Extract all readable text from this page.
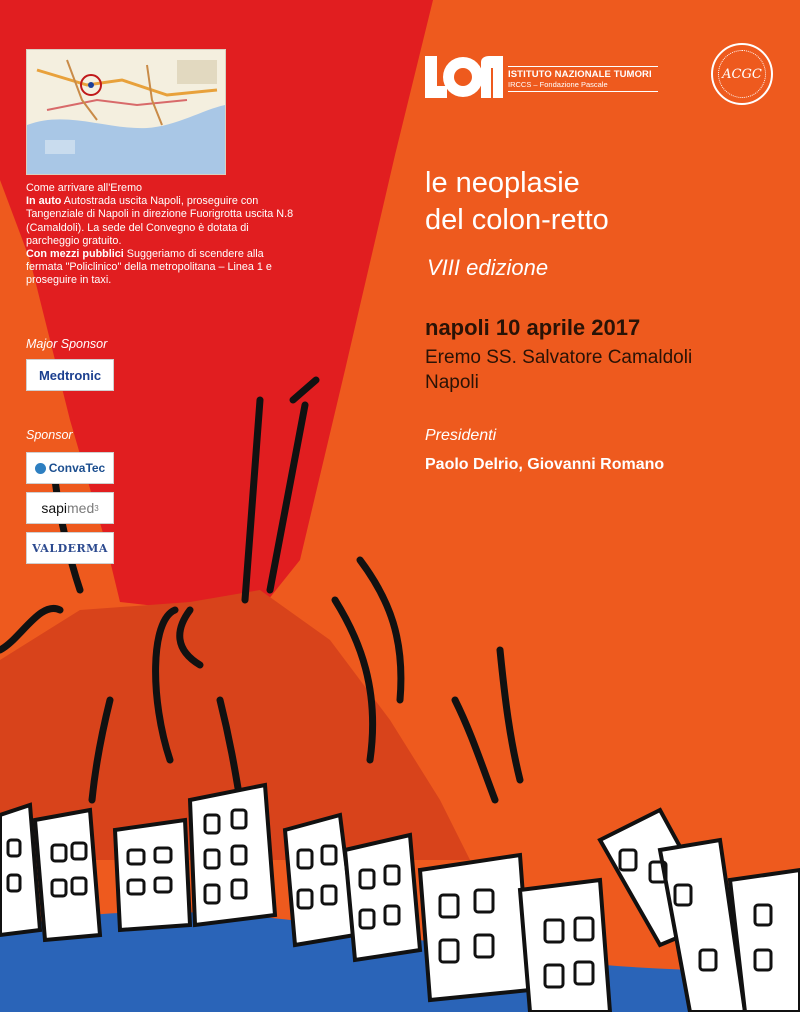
Come arrivare all'Eremo

In auto Autostrada uscita Napoli, proseguire con Tangenziale di Napoli in direzione Fuorigrotta uscita N.8 (Camaldoli). La sede del Convegno è dotata di parcheggio gratuito.

Con mezzi pubblici Suggeriamo di scendere alla fermata "Policlinico" della metropolitana – Linea 1 e proseguire in taxi.

Major Sponsor
Medtronic
Sponsor
ConvaTec
sapi med 3
VALDERMA
ISTITUTO NAZIONALE TUMORI
IRCCS – Fondazione Pascale
ACGC
le neoplasie
del colon-retto
VIII edizione
napoli 10 aprile 2017
Eremo SS. Salvatore Camaldoli
Napoli
Presidenti
Paolo Delrio, Giovanni Romano
